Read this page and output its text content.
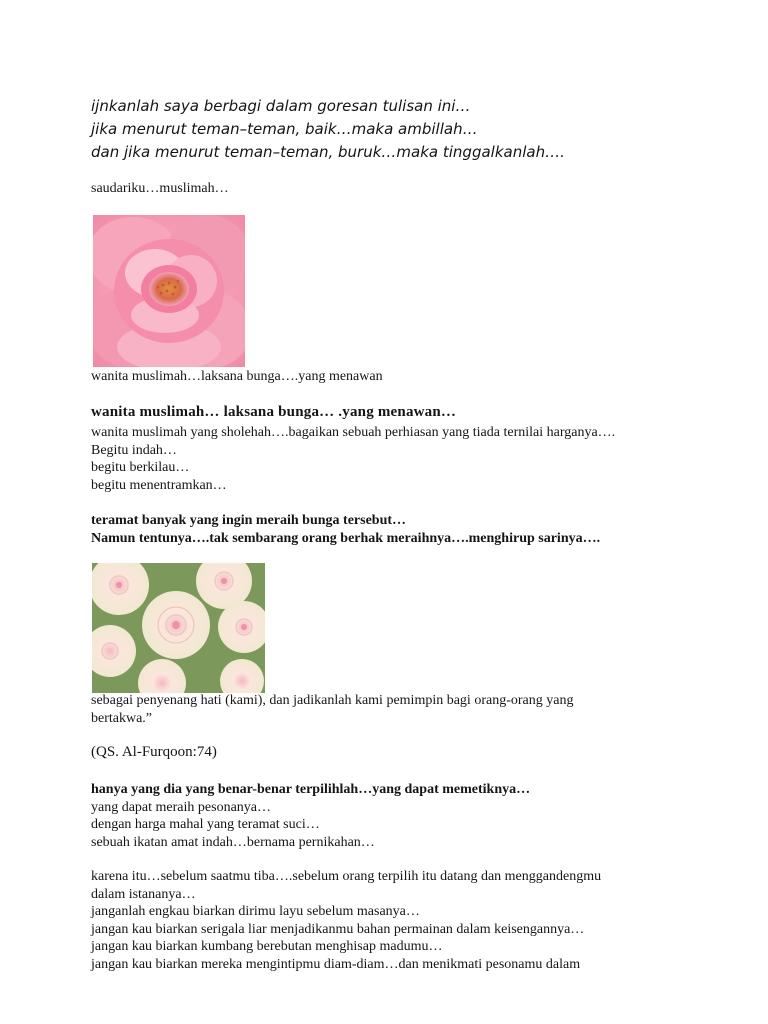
ijnkanlah saya berbagi dalam goresan tulisan ini…
jika menurut teman–teman, baik…maka ambillah…
dan jika menurut teman–teman, buruk…maka tinggalkanlah….
saudariku…muslimah…
wanita muslimah…laksana bunga….yang menawan
wanita muslimah… laksana bunga… .yang menawan…
wanita muslimah yang sholehah….bagaikan sebuah perhiasan yang tiada ternilai harganya….
Begitu indah…
begitu berkilau…
begitu menentramkan…
teramat banyak yang ingin meraih bunga tersebut…
Namun tentunya….tak sembarang orang berhak meraihnya….menghirup sarinya….
sebagai penyenang hati (kami), dan jadikanlah kami pemimpin bagi orang-orang yang
bertakwa.”
(QS. Al-Furqoon:74)
hanya yang dia yang benar-benar terpilihlah…yang dapat memetiknya…
yang dapat meraih pesonanya…
dengan harga mahal yang teramat suci…
sebuah ikatan amat indah…bernama pernikahan…
karena itu…sebelum saatmu tiba….sebelum orang terpilih itu datang dan menggandengmu
dalam istananya…
janganlah engkau biarkan dirimu layu sebelum masanya…
jangan kau biarkan serigala liar menjadikanmu bahan permainan dalam keisengannya…
jangan kau biarkan kumbang berebutan menghisap madumu…
jangan kau biarkan mereka mengintipmu diam-diam…dan menikmati pesonamu dalam
